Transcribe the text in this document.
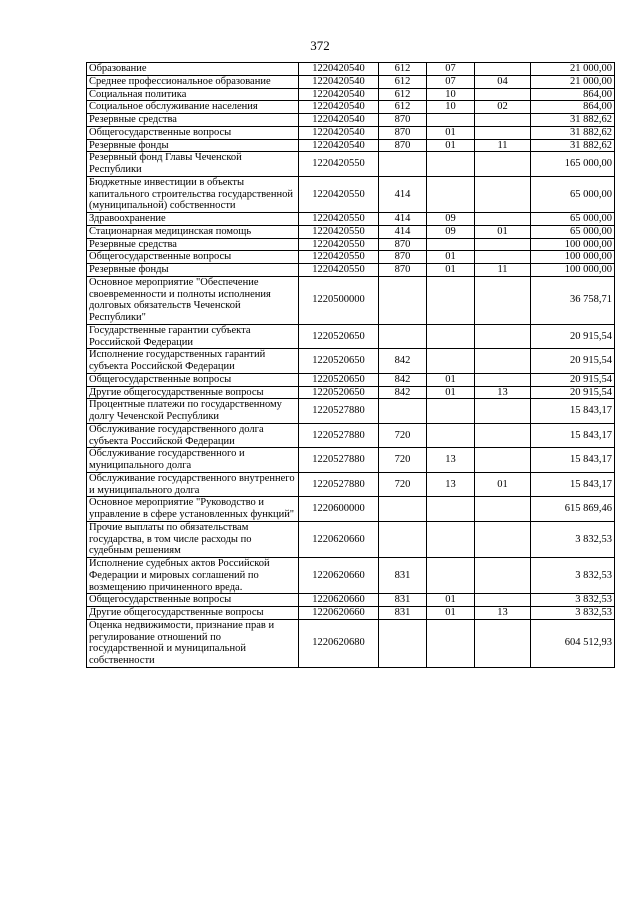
372
Образование	1220420540	612	07		21 000,00
Среднее профессиональное образование	1220420540	612	07	04	21 000,00
Социальная политика	1220420540	612	10		864,00
Социальное обслуживание населения	1220420540	612	10	02	864,00
Резервные средства	1220420540	870			31 882,62
Общегосударственные вопросы	1220420540	870	01		31 882,62
Резервные фонды	1220420540	870	01	11	31 882,62
Резервный фонд Главы Чеченской Республики	1220420550				165 000,00
Бюджетные инвестиции в объекты капитального строительства государственной (муниципальной) собственности	1220420550	414			65 000,00
Здравоохранение	1220420550	414	09		65 000,00
Стационарная медицинская помощь	1220420550	414	09	01	65 000,00
Резервные средства	1220420550	870			100 000,00
Общегосударственные вопросы	1220420550	870	01		100 000,00
Резервные фонды	1220420550	870	01	11	100 000,00
Основное мероприятие "Обеспечение своевременности и полноты исполнения долговых обязательств Чеченской Республики"	1220500000				36 758,71
Государственные гарантии субъекта Российской Федерации	1220520650				20 915,54
Исполнение государственных гарантий субъекта Российской Федерации	1220520650	842			20 915,54
Общегосударственные вопросы	1220520650	842	01		20 915,54
Другие общегосударственные вопросы	1220520650	842	01	13	20 915,54
Процентные платежи по государственному долгу Чеченской Республики	1220527880				15 843,17
Обслуживание государственного долга субъекта Российской Федерации	1220527880	720			15 843,17
Обслуживание государственного и муниципального долга	1220527880	720	13		15 843,17
Обслуживание государственного внутреннего и муниципального долга	1220527880	720	13	01	15 843,17
Основное мероприятие "Руководство и управление в сфере установленных функций"	1220600000				615 869,46
Прочие выплаты по обязательствам государства, в том числе расходы по судебным решениям	1220620660				3 832,53
Исполнение судебных актов Российской Федерации и мировых соглашений по возмещению причиненного вреда.	1220620660	831			3 832,53
Общегосударственные вопросы	1220620660	831	01		3 832,53
Другие общегосударственные вопросы	1220620660	831	01	13	3 832,53
Оценка недвижимости, признание прав и регулирование отношений по государственной и муниципальной собственности	1220620680				604 512,93
